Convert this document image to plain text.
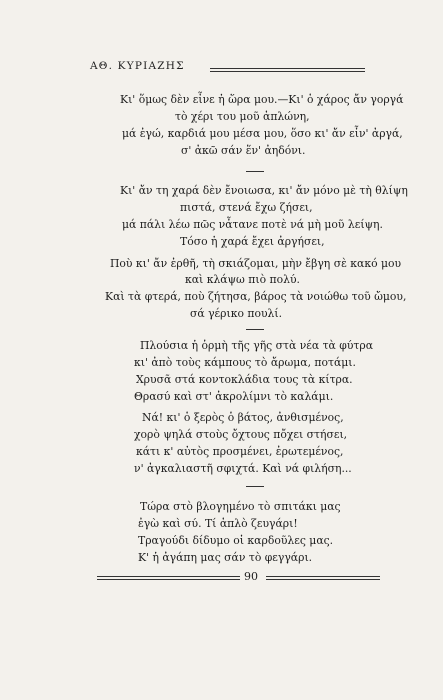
ΑΘ. ΚΥΡΙΑΖΗΣ
Κι' ὅμως δὲν εἶνε ἡ ὥρα μου.—Κι' ὁ χάρος ἄν γοργά
τὸ χέρι του μοῦ ἁπλώνη,
μά ἐγώ, καρδιά μου μέσα μου, ὅσο κι' ἄν εἶν' ἀργά,
σ' ἀκῶ σάν ἕν' ἀηδόνι.
Κι' ἄν τη χαρά δὲν ἔνοιωσα, κι' ἄν μόνο μὲ τὴ θλίψη
πιστά, στενά ἔχω ζήσει,
μά πάλι λέω πῶς νἆτανε ποτὲ νά μὴ μοῦ λείψη.
Τόσο ἡ χαρά ἔχει ἀργήσει,
Ποὺ κι' ἄν ἐρθῆ, τὴ σκιάζομαι, μὴν ἔβγη σὲ κακό μου
καὶ κλάψω πιὸ πολύ.
Καὶ τὰ φτερά, ποὺ ζήτησα, βάρος τὰ νοιώθω τοῦ ὤμου,
σά γέρικο πουλί.
Πλούσια ἡ ὁρμὴ τῆς γῆς στὰ νέα τὰ φύτρα
κι' ἀπὸ τοὺς κάμπους τὸ ἄρωμα, ποτάμι.
Χρυσᾶ στά κοντοκλάδια τους τὰ κίτρα.
Θρασύ καὶ στ' ἀκρολίμνι τὸ καλάμι.
Νά! κι' ὁ ξερὸς ὁ βάτος, ἀνθισμένος,
χορὸ ψηλά στοὺς ὄχτους πὄχει στήσει,
κάτι κ' αὐτὸς προσμένει, ἐρωτεμένος,
ν' ἀγκαλιαστῆ σφιχτά. Καὶ νά φιλήση...
Τώρα στὸ βλογημένο τὸ σπιτάκι μας
ἐγὼ καὶ σύ. Τί ἁπλὸ ζευγάρι!
Τραγούδι δίδυμο οἱ καρδοῦλες μας.
Κ' ἡ ἀγάπη μας σάν τὸ φεγγάρι.
90
